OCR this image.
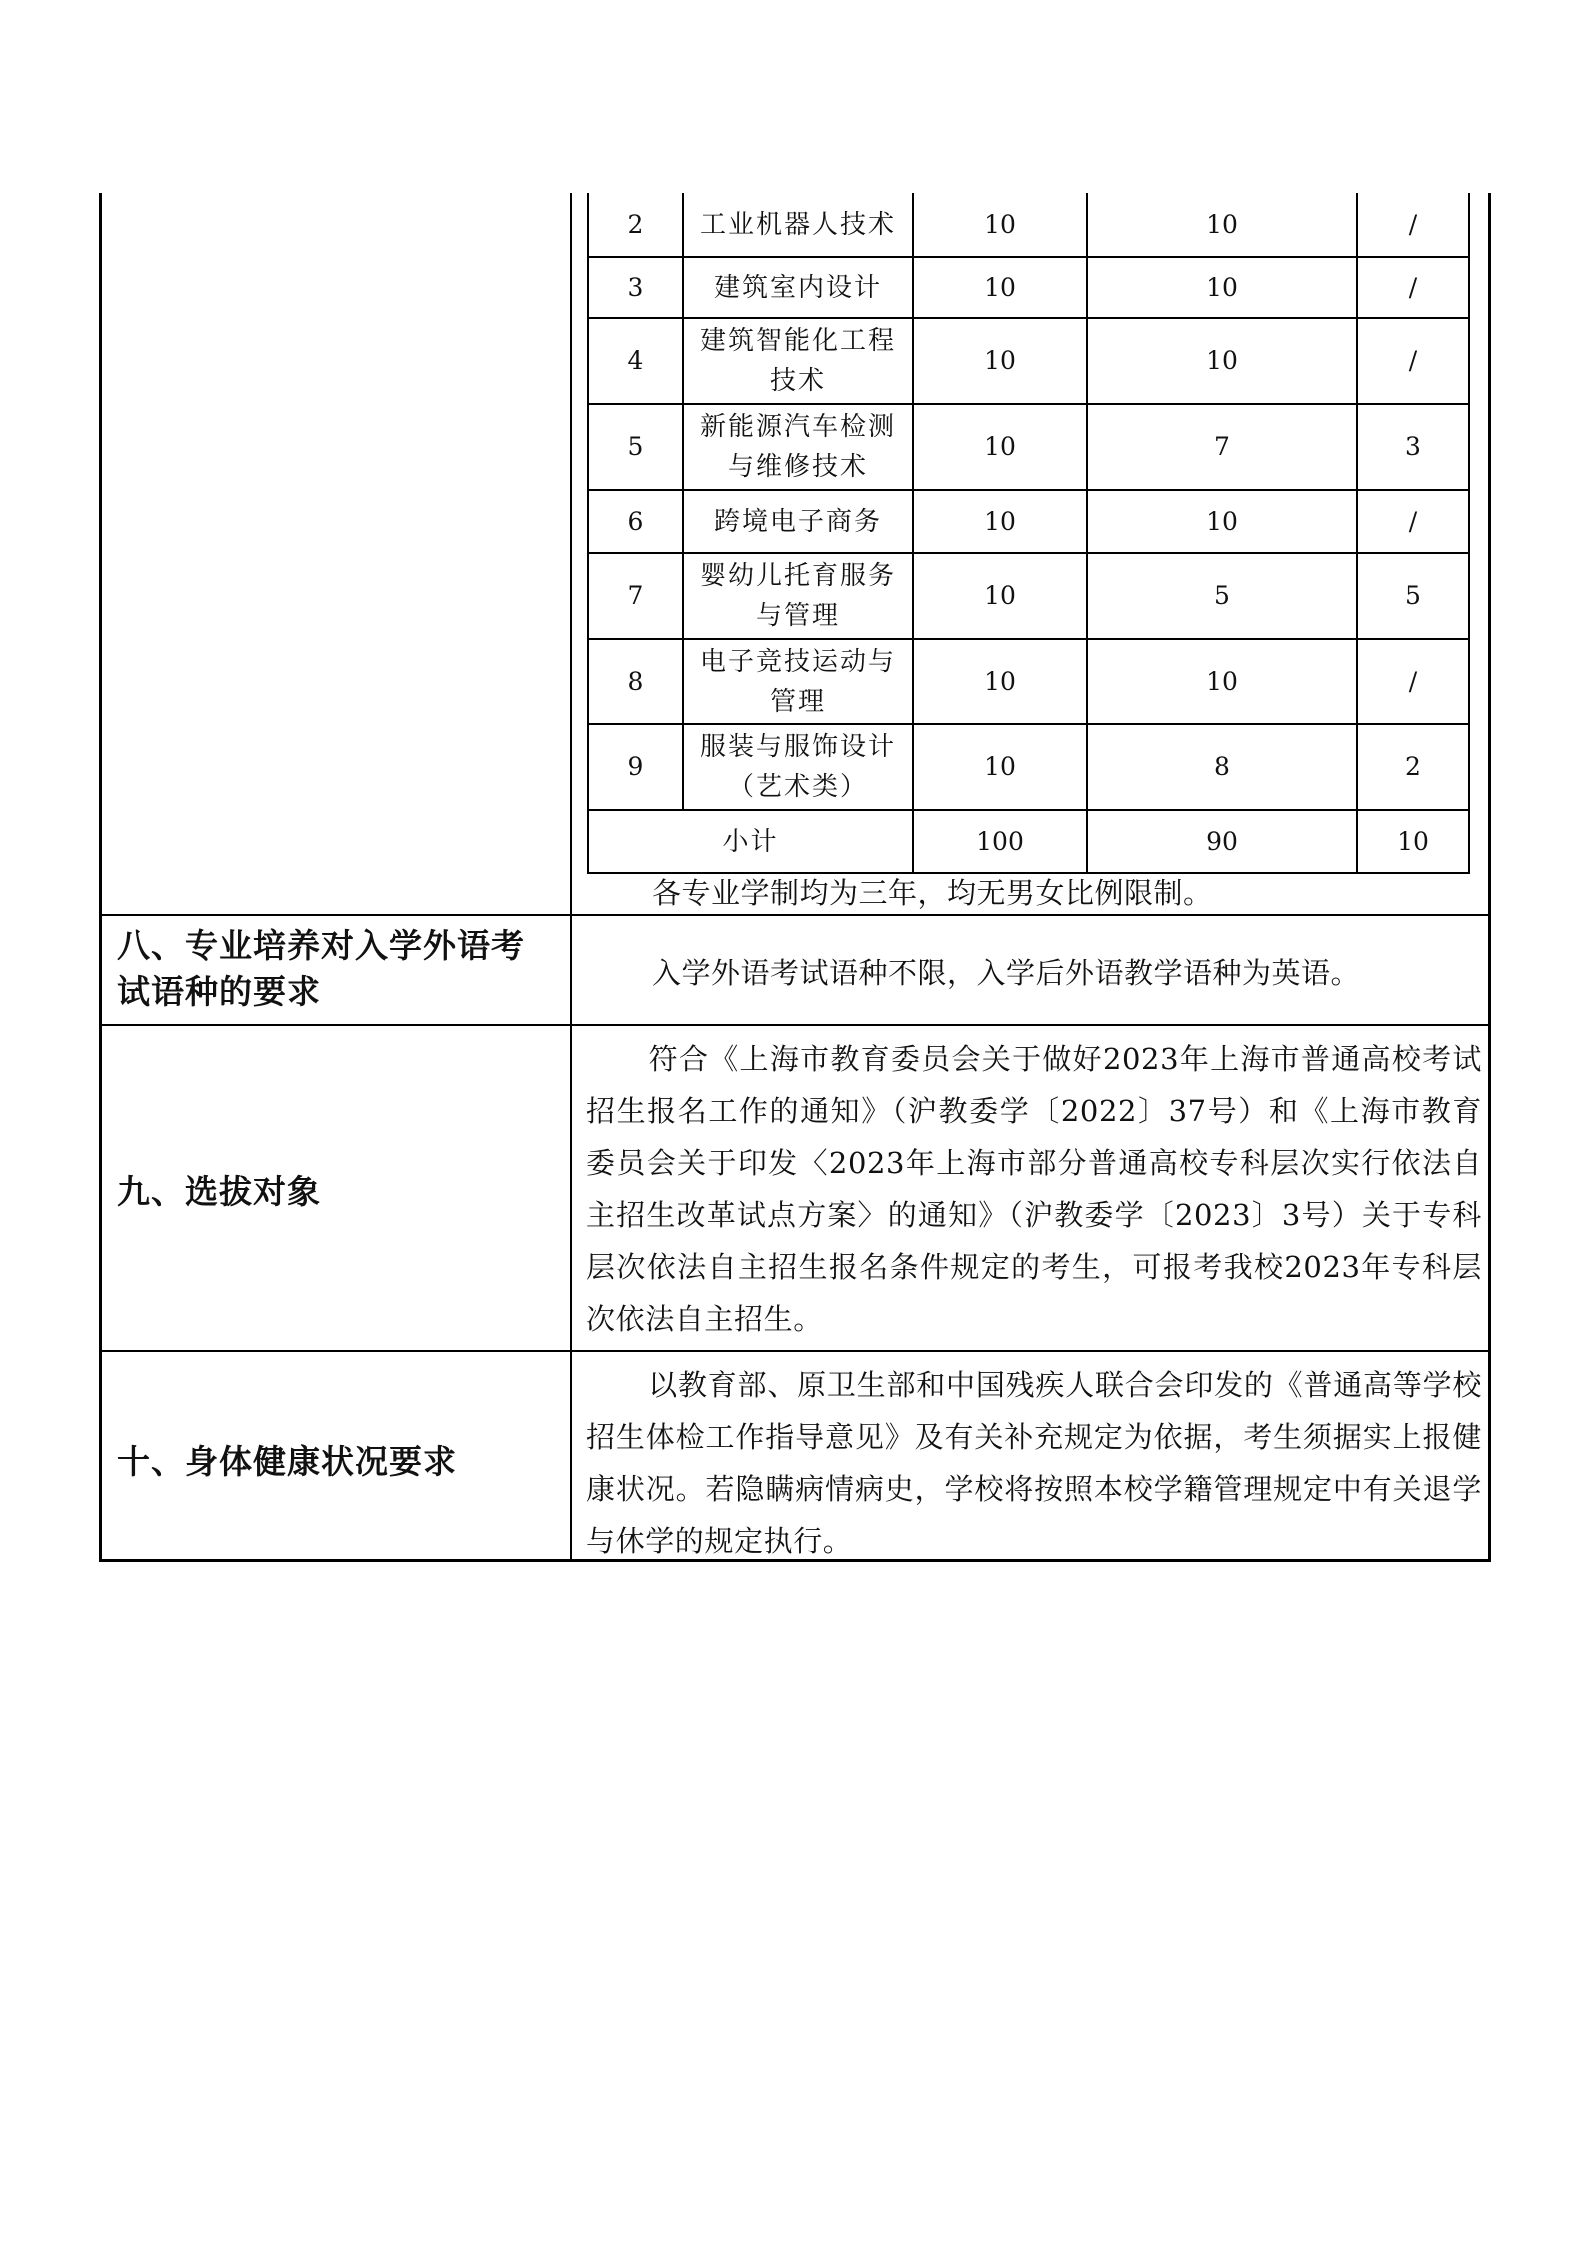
2	工业机器人技术	10	10	/
3	建筑室内设计	10	10	/
4	建筑智能化工程技术	10	10	/
5	新能源汽车检测与维修技术	10	7	3
6	跨境电子商务	10	10	/
7	婴幼儿托育服务与管理	10	5	5
8	电子竞技运动与管理	10	10	/
9	服装与服饰设计（艺术类）	10	8	2
小计		100	90	10
各专业学制均为三年，均无男女比例限制。
八、专业培养对入学外语考试语种的要求	入学外语考试语种不限，入学后外语教学语种为英语。
九、选拔对象
符合《上海市教育委员会关于做好2023年上海市普通高校考试招生报名工作的通知》（沪教委学〔2022〕37号）和《上海市教育委员会关于印发〈2023年上海市部分普通高校专科层次实行依法自主招生改革试点方案〉的通知》（沪教委学〔2023〕3号）关于专科层次依法自主招生报名条件规定的考生，可报考我校2023年专科层次依法自主招生。
十、身体健康状况要求
以教育部、原卫生部和中国残疾人联合会印发的《普通高等学校招生体检工作指导意见》及有关补充规定为依据，考生须据实上报健康状况。若隐瞒病情病史，学校将按照本校学籍管理规定中有关退学与休学的规定执行。
